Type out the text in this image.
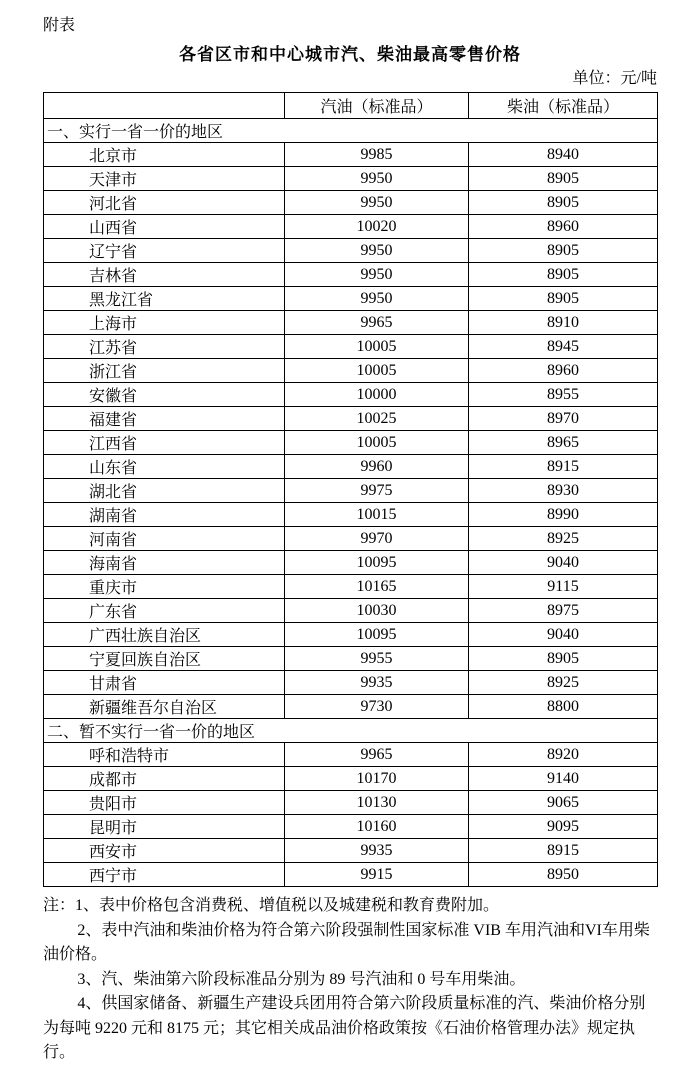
附表
各省区市和中心城市汽、柴油最高零售价格
单位：元/吨
	汽油（标准品）	柴油（标准品）
一、实行一省一价的地区		
北京市	9985	8940
天津市	9950	8905
河北省	9950	8905
山西省	10020	8960
辽宁省	9950	8905
吉林省	9950	8905
黑龙江省	9950	8905
上海市	9965	8910
江苏省	10005	8945
浙江省	10005	8960
安徽省	10000	8955
福建省	10025	8970
江西省	10005	8965
山东省	9960	8915
湖北省	9975	8930
湖南省	10015	8990
河南省	9970	8925
海南省	10095	9040
重庆市	10165	9115
广东省	10030	8975
广西壮族自治区	10095	9040
宁夏回族自治区	9955	8905
甘肃省	9935	8925
新疆维吾尔自治区	9730	8800
二、暂不实行一省一价的地区		
呼和浩特市	9965	8920
成都市	10170	9140
贵阳市	10130	9065
昆明市	10160	9095
西安市	9935	8915
西宁市	9915	8950

注：1、表中价格包含消费税、增值税以及城建税和教育费附加。

2、表中汽油和柴油价格为符合第六阶段强制性国家标准 VIB 车用汽油和VI车用柴油价格。

3、汽、柴油第六阶段标准品分别为 89 号汽油和 0 号车用柴油。

4、供国家储备、新疆生产建设兵团用符合第六阶段质量标准的汽、柴油价格分别为每吨 9220 元和 8175 元；其它相关成品油价格政策按《石油价格管理办法》规定执行。
